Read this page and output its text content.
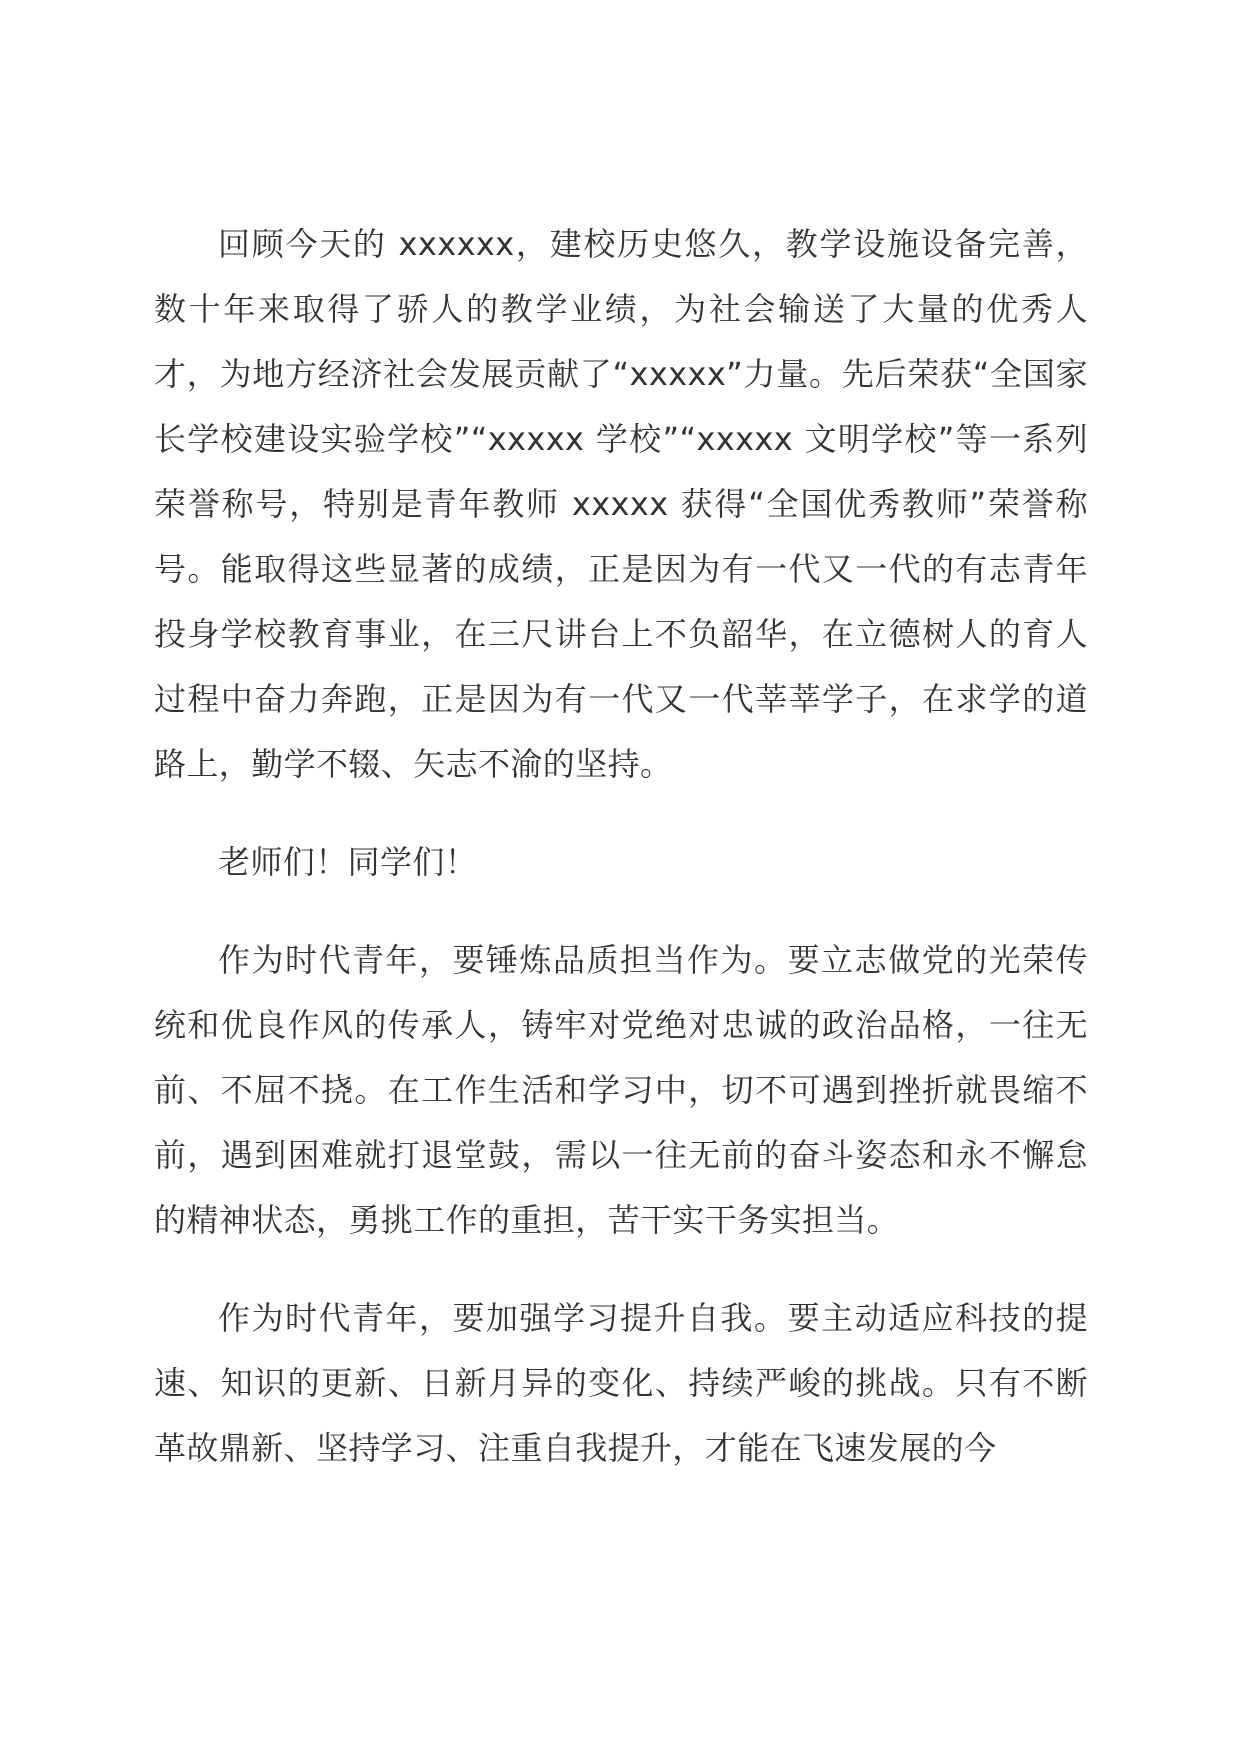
回顾今天的 xxxxxx，建校历史悠久，教学设施设备完善，数十年来取得了骄人的教学业绩，为社会输送了大量的优秀人才，为地方经济社会发展贡献了“xxxxx”力量。先后荣获“全国家长学校建设实验学校”“xxxxx 学校”“xxxxx 文明学校”等一系列荣誉称号，特别是青年教师 xxxxx 获得“全国优秀教师”荣誉称号。能取得这些显著的成绩，正是因为有一代又一代的有志青年投身学校教育事业，在三尺讲台上不负韶华，在立德树人的育人过程中奋力奔跑，正是因为有一代又一代莘莘学子，在求学的道路上，勤学不辍、矢志不渝的坚持。

老师们！同学们！

作为时代青年，要锤炼品质担当作为。要立志做党的光荣传统和优良作风的传承人，铸牢对党绝对忠诚的政治品格，一往无前、不屈不挠。在工作生活和学习中，切不可遇到挫折就畏缩不前，遇到困难就打退堂鼓，需以一往无前的奋斗姿态和永不懈怠的精神状态，勇挑工作的重担，苦干实干务实担当。

作为时代青年，要加强学习提升自我。要主动适应科技的提速、知识的更新、日新月异的变化、持续严峻的挑战。只有不断革故鼎新、坚持学习、注重自我提升，才能在飞速发展的今
